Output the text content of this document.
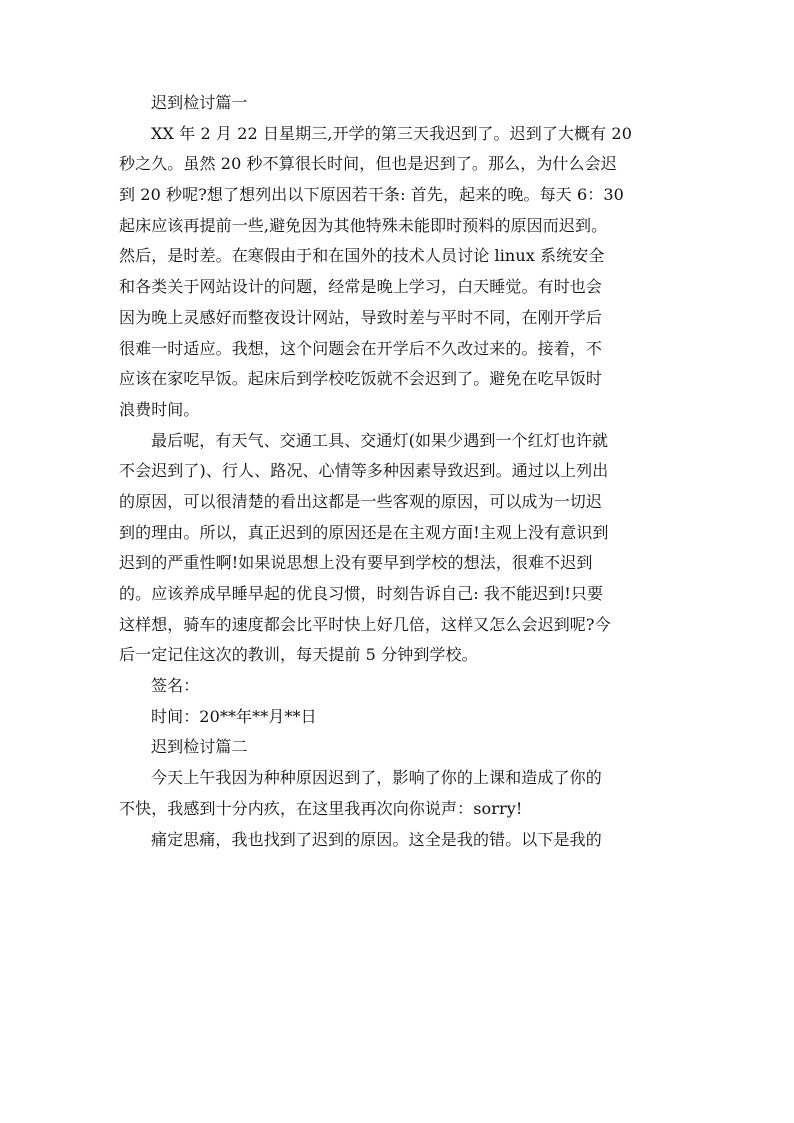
迟到检讨篇一
XX 年 2 月 22 日星期三,开学的第三天我迟到了。迟到了大概有 20
秒之久。虽然 20 秒不算很长时间，但也是迟到了。那么，为什么会迟
到 20 秒呢?想了想列出以下原因若干条: 首先，起来的晚。每天 6：30
起床应该再提前一些,避免因为其他特殊未能即时预料的原因而迟到。
然后，是时差。在寒假由于和在国外的技术人员讨论 linux 系统安全
和各类关于网站设计的问题，经常是晚上学习，白天睡觉。有时也会
因为晚上灵感好而整夜设计网站，导致时差与平时不同，在刚开学后
很难一时适应。我想，这个问题会在开学后不久改过来的。接着，不
应该在家吃早饭。起床后到学校吃饭就不会迟到了。避免在吃早饭时
浪费时间。
最后呢，有天气、交通工具、交通灯(如果少遇到一个红灯也许就
不会迟到了)、行人、路况、心情等多种因素导致迟到。通过以上列出
的原因，可以很清楚的看出这都是一些客观的原因，可以成为一切迟
到的理由。所以，真正迟到的原因还是在主观方面!主观上没有意识到
迟到的严重性啊!如果说思想上没有要早到学校的想法，很难不迟到
的。应该养成早睡早起的优良习惯，时刻告诉自己: 我不能迟到!只要
这样想，骑车的速度都会比平时快上好几倍，这样又怎么会迟到呢?今
后一定记住这次的教训，每天提前 5 分钟到学校。
签名：
时间：20**年**月**日
迟到检讨篇二
今天上午我因为种种原因迟到了，影响了你的上课和造成了你的
不快，我感到十分内疚，在这里我再次向你说声：sorry!
痛定思痛，我也找到了迟到的原因。这全是我的错。以下是我的
